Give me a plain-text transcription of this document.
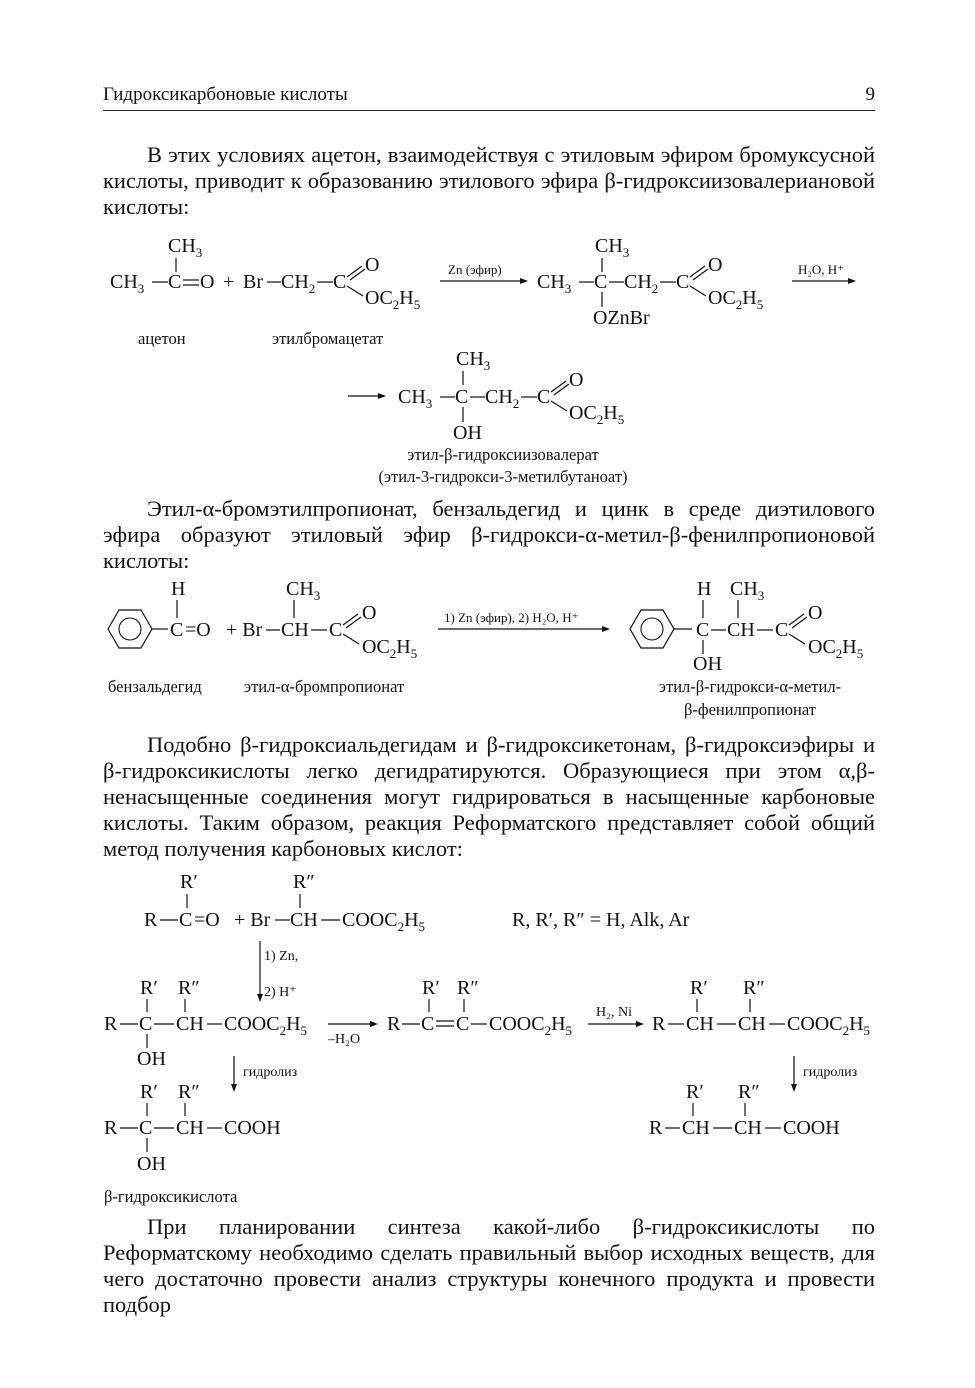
Гидроксикарбоновые кислоты	9

В этих условиях ацетон, взаимодействуя с этиловым эфиром бромуксусной кислоты, приводит к образованию этилового эфира β-гидроксиизовалериановой кислоты:

$CH_3$
$CH_3$ C O + Br $CH_2$ C
O
$OC_2H_5$
Zn (эфир)
$CH_3$
$CH_3$ C $CH_2$ C
O
$OC_2H_5$
OZnBr
H₂O, H⁺
$CH_3$
$CH_3$ C $CH_2$ C
O
$OC_2H_5$
OH
ацетон	этилбромацетат
этил-β-гидроксиизовалерат
(этил-3-гидрокси-3-метилбутаноат)

Этил-α-бромэтилпропионат, бензальдегид и цинк в среде диэтилового эфира образуют этиловый эфир β-гидрокси-α-метил-β-фенилпропионовой кислоты:

H
C =O + Br
$CH_3$
CH C
O
$OC_2H_5$
1) Zn (эфир), 2) H₂O, H⁺
H
C
$CH_3$
CH C
O
$OC_2H_5$
OH
бензальдегид	этил-α-бромпропионат	этил-β-гидрокси-α-метил-
β-фенилпропионат

Подобно β-гидроксиальдегидам и β-гидроксикетонам, β-гидроксиэфиры и β-гидроксикислоты легко дегидратируются. Образующиеся при этом α,β-ненасыщенные соединения могут гидрироваться в насыщенные карбоновые кислоты. Таким образом, реакция Реформатского представляет собой общий метод получения карбоновых кислот:

R′
R C =O + Br
R″
CH $COOC_2H_5$	R, R′, R″ = H, Alk, Ar
1) Zn,
2) H⁺
R′ R″
R C CH $COOC_2H_5$
OH
–H₂O
R′ R″
R C C $COOC_2H_5$
H₂, Ni
R′ R″
R CH CH $COOC_2H_5$
гидролиз	гидролиз
R′ R″
R C CH COOH
OH
R′ R″
R CH CH COOH
β-гидроксикислота

При планировании синтеза какой-либо β-гидроксикислоты по Реформатскому необходимо сделать правильный выбор исходных веществ, для чего достаточно провести анализ структуры конечного продукта и провести подбор
